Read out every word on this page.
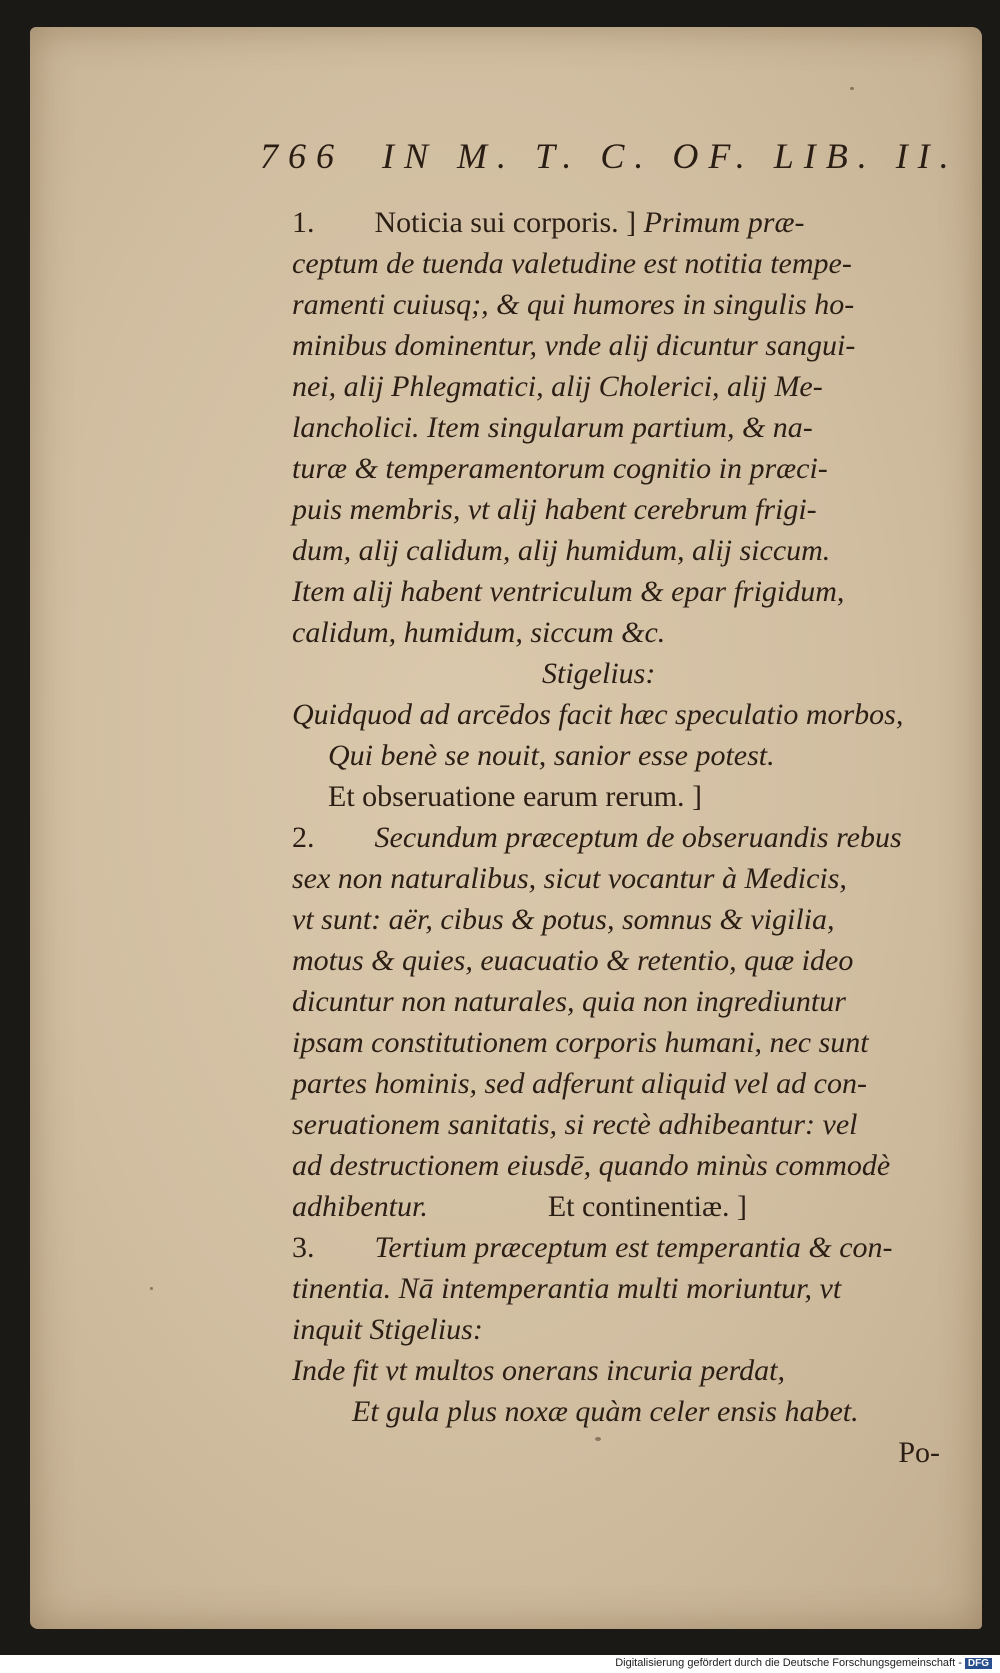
766  IN M. T. C. OF. LIB. II.
1.  Noticia sui corporis. ] Primum præ-
ceptum de tuenda valetudine est notitia tempe-
ramenti cuiusq;, & qui humores in singulis ho-
minibus dominentur, vnde alij dicuntur sangui-
nei, alij Phlegmatici, alij Cholerici, alij Me-
lancholici. Item singularum partium, & na-
turæ & temperamentorum cognitio in præci-
puis membris, vt alij habent cerebrum frigi-
dum, alij calidum, alij humidum, alij siccum.
Item alij habent ventriculum & epar frigidum,
calidum, humidum, siccum &c.
Stigelius:
Quidquod ad arcēdos facit hæc speculatio morbos,
Qui benè se nouit, sanior esse potest.
Et obseruatione earum rerum. ]
2.  Secundum præceptum de obseruandis rebus
sex non naturalibus, sicut vocantur à Medicis,
vt sunt: aër, cibus & potus, somnus & vigilia,
motus & quies, euacuatio & retentio, quæ ideo
dicuntur non naturales, quia non ingrediuntur
ipsam constitutionem corporis humani, nec sunt
partes hominis, sed adferunt aliquid vel ad con-
seruationem sanitatis, si rectè adhibeantur: vel
ad destructionem eiusdē, quando minùs commodè
adhibentur.    Et continentiæ. ]
3.  Tertium præceptum est temperantia & con-
tinentia. Nā intemperantia multi moriuntur, vt
inquit Stigelius:
Inde fit vt multos onerans incuria perdat,
Et gula plus noxæ quàm celer ensis habet.
Po-
Digitalisierung gefördert durch die Deutsche Forschungsgemeinschaft - DFG
